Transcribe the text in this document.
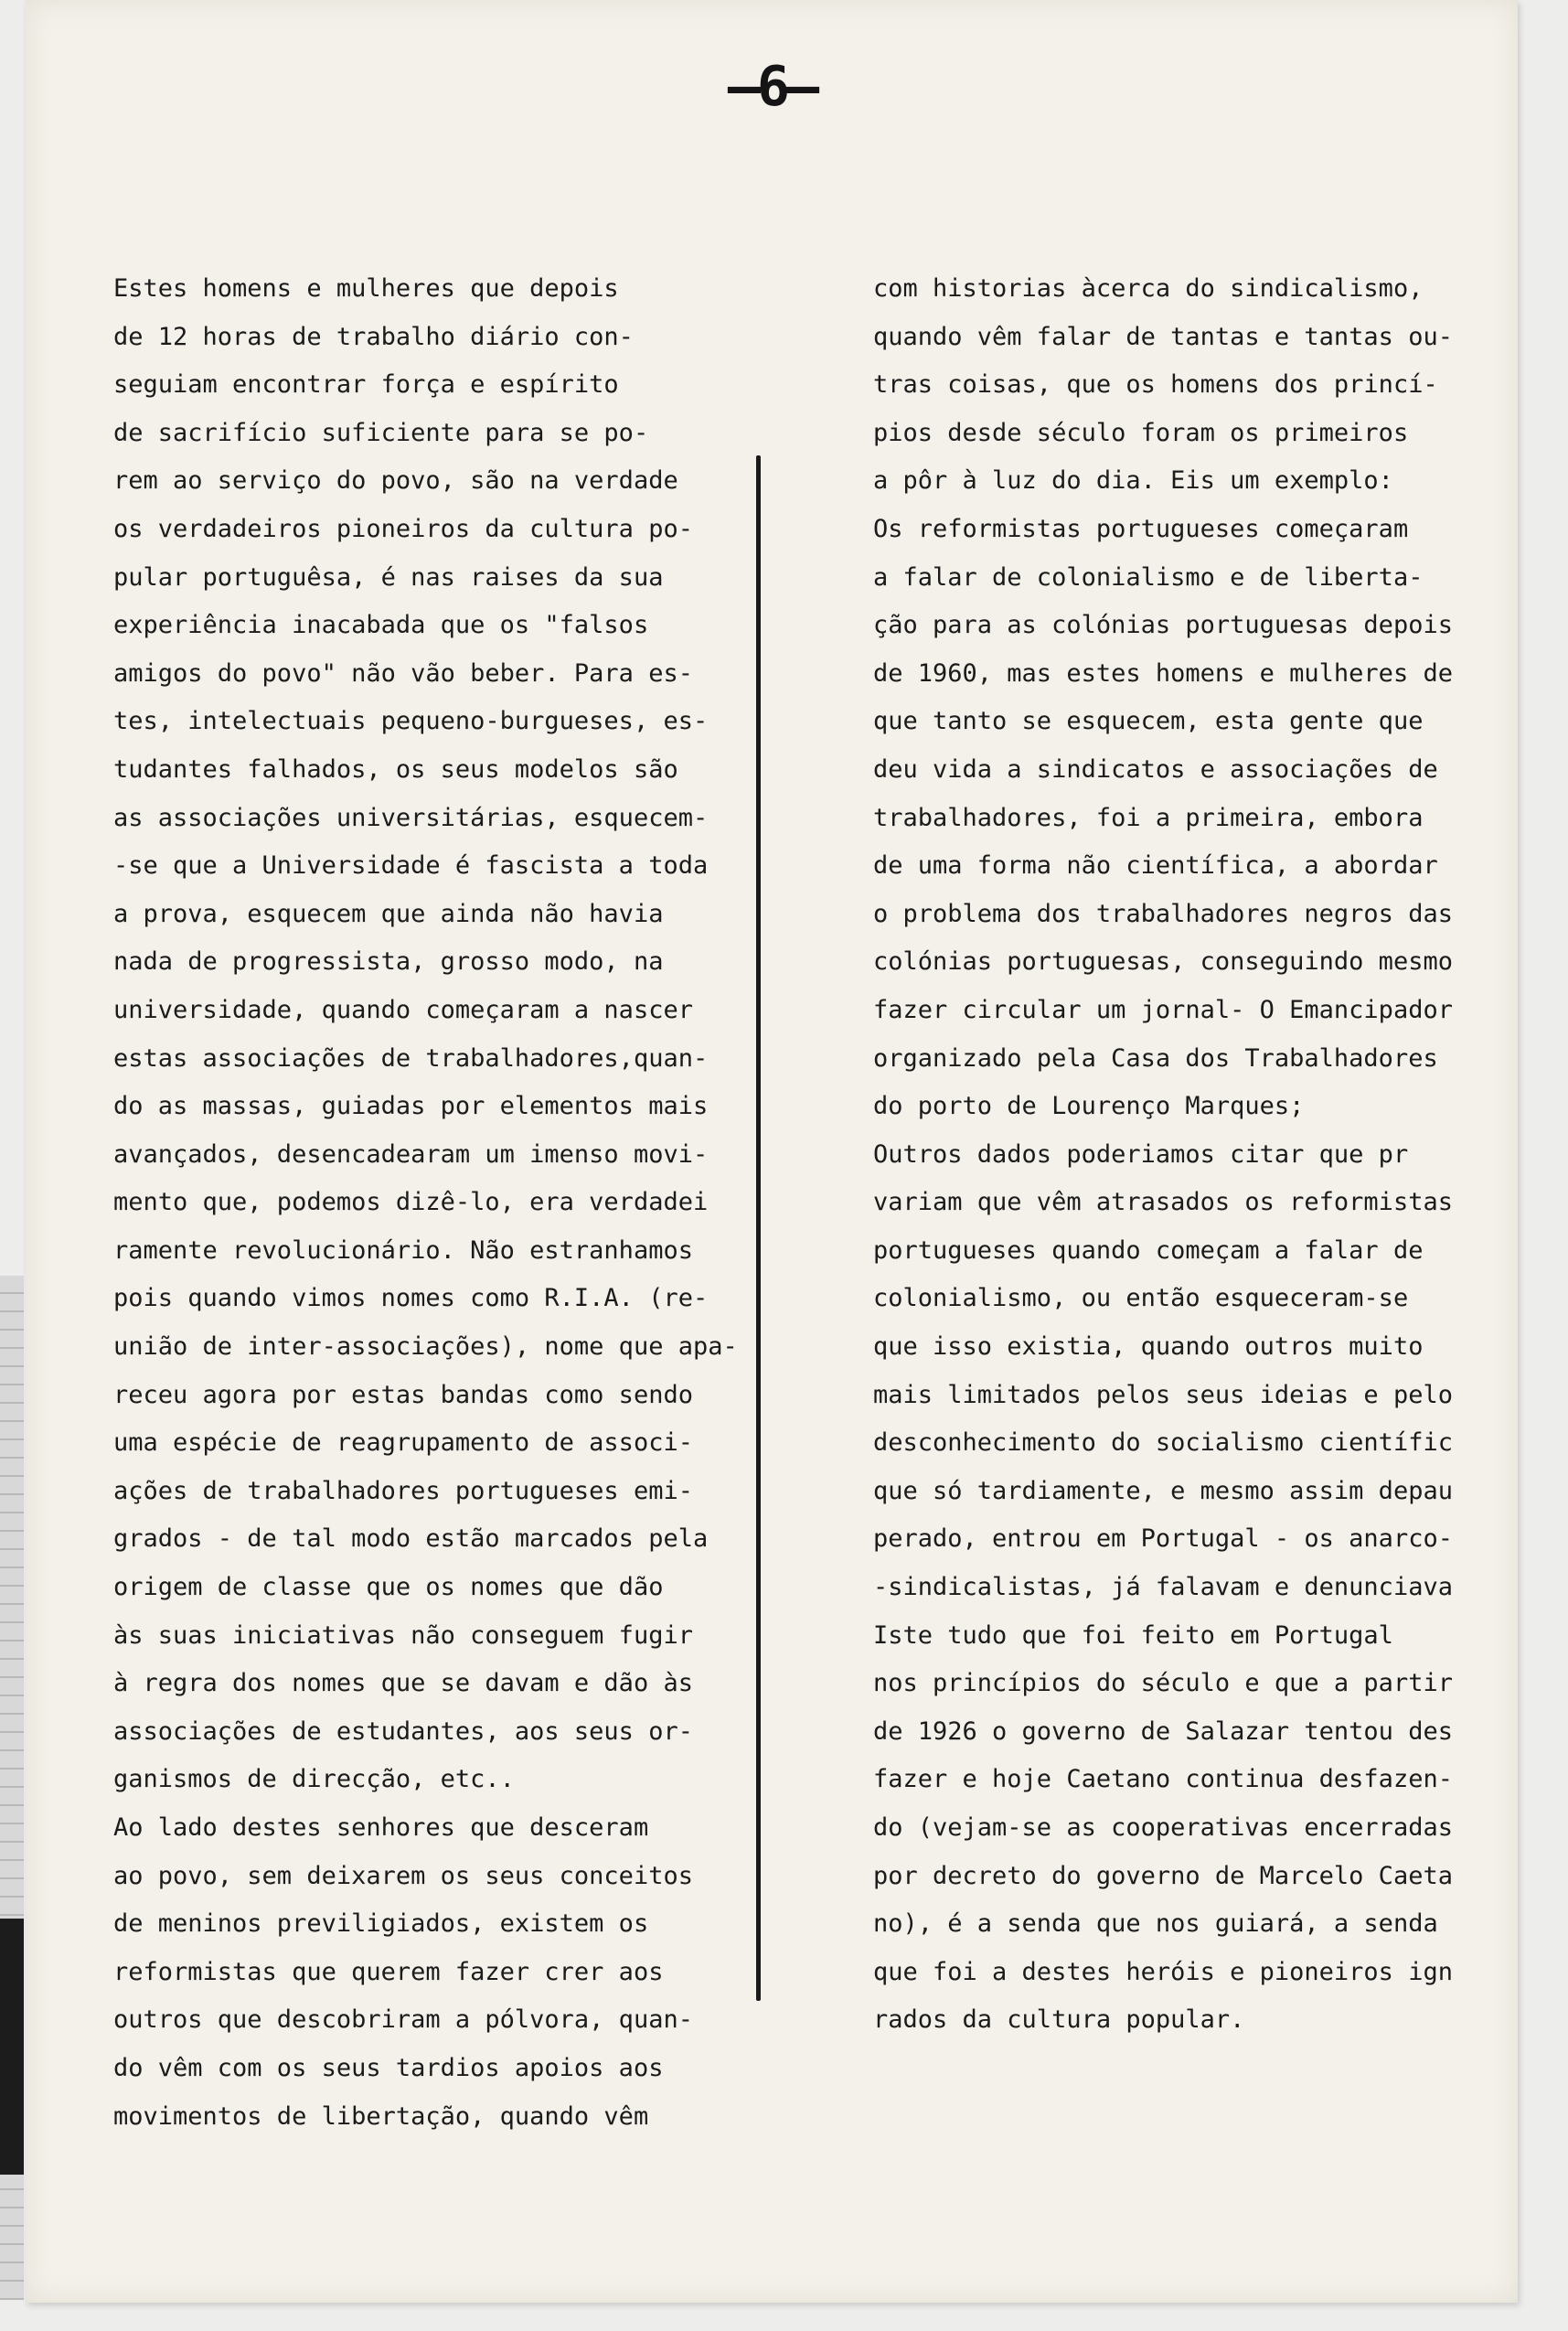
—6—
Estes homens e mulheres que depois
de 12 horas de trabalho diário con-
seguiam encontrar força e espírito
de sacrifício suficiente para se po-
rem ao serviço do povo, são na verdade
os verdadeiros pioneiros da cultura po-
pular portuguêsa, é nas raises da sua
experiência inacabada que os "falsos
amigos do povo" não vão beber. Para es-
tes, intelectuais pequeno-burgueses, es-
tudantes falhados, os seus modelos são
as associações universitárias, esquecem-
-se que a Universidade é fascista a toda
a prova, esquecem que ainda não havia
nada de progressista, grosso modo, na
universidade, quando começaram a nascer
estas associações de trabalhadores,quan-
do as massas, guiadas por elementos mais
avançados, desencadearam um imenso movi-
mento que, podemos dizê-lo, era verdadei
ramente revolucionário. Não estranhamos
pois quando vimos nomes como R.I.A. (re-
união de inter-associações), nome que apa-
receu agora por estas bandas como sendo
uma espécie de reagrupamento de associ-
ações de trabalhadores portugueses emi-
grados - de tal modo estão marcados pela
origem de classe que os nomes que dão
às suas iniciativas não conseguem fugir
à regra dos nomes que se davam e dão às
associações de estudantes, aos seus or-
ganismos de direcção, etc..
Ao lado destes senhores que desceram
ao povo, sem deixarem os seus conceitos
de meninos previligiados, existem os
reformistas que querem fazer crer aos
outros que descobriram a pólvora, quan-
do vêm com os seus tardios apoios aos
movimentos de libertação, quando vêm
com historias àcerca do sindicalismo,
quando vêm falar de tantas e tantas ou-
tras coisas, que os homens dos princí-
pios desde século foram os primeiros
a pôr à luz do dia. Eis um exemplo:
Os reformistas portugueses começaram
a falar de colonialismo e de liberta-
ção para as colónias portuguesas depois
de 1960, mas estes homens e mulheres de
que tanto se esquecem, esta gente que
deu vida a sindicatos e associações de
trabalhadores, foi a primeira, embora
de uma forma não científica, a abordar
o problema dos trabalhadores negros das
colónias portuguesas, conseguindo mesmo
fazer circular um jornal- O Emancipador
organizado pela Casa dos Trabalhadores
do porto de Lourenço Marques;
Outros dados poderiamos citar que pr
variam que vêm atrasados os reformistas
portugueses quando começam a falar de
colonialismo, ou então esqueceram-se
que isso existia, quando outros muito
mais limitados pelos seus ideias e pelo
desconhecimento do socialismo científic
que só tardiamente, e mesmo assim depau
perado, entrou em Portugal - os anarco-
-sindicalistas, já falavam e denunciava
Iste tudo que foi feito em Portugal
nos princípios do século e que a partir
de 1926 o governo de Salazar tentou des
fazer e hoje Caetano continua desfazen-
do (vejam-se as cooperativas encerradas
por decreto do governo de Marcelo Caeta
no), é a senda que nos guiará, a senda
que foi a destes heróis e pioneiros ign
rados da cultura popular.
